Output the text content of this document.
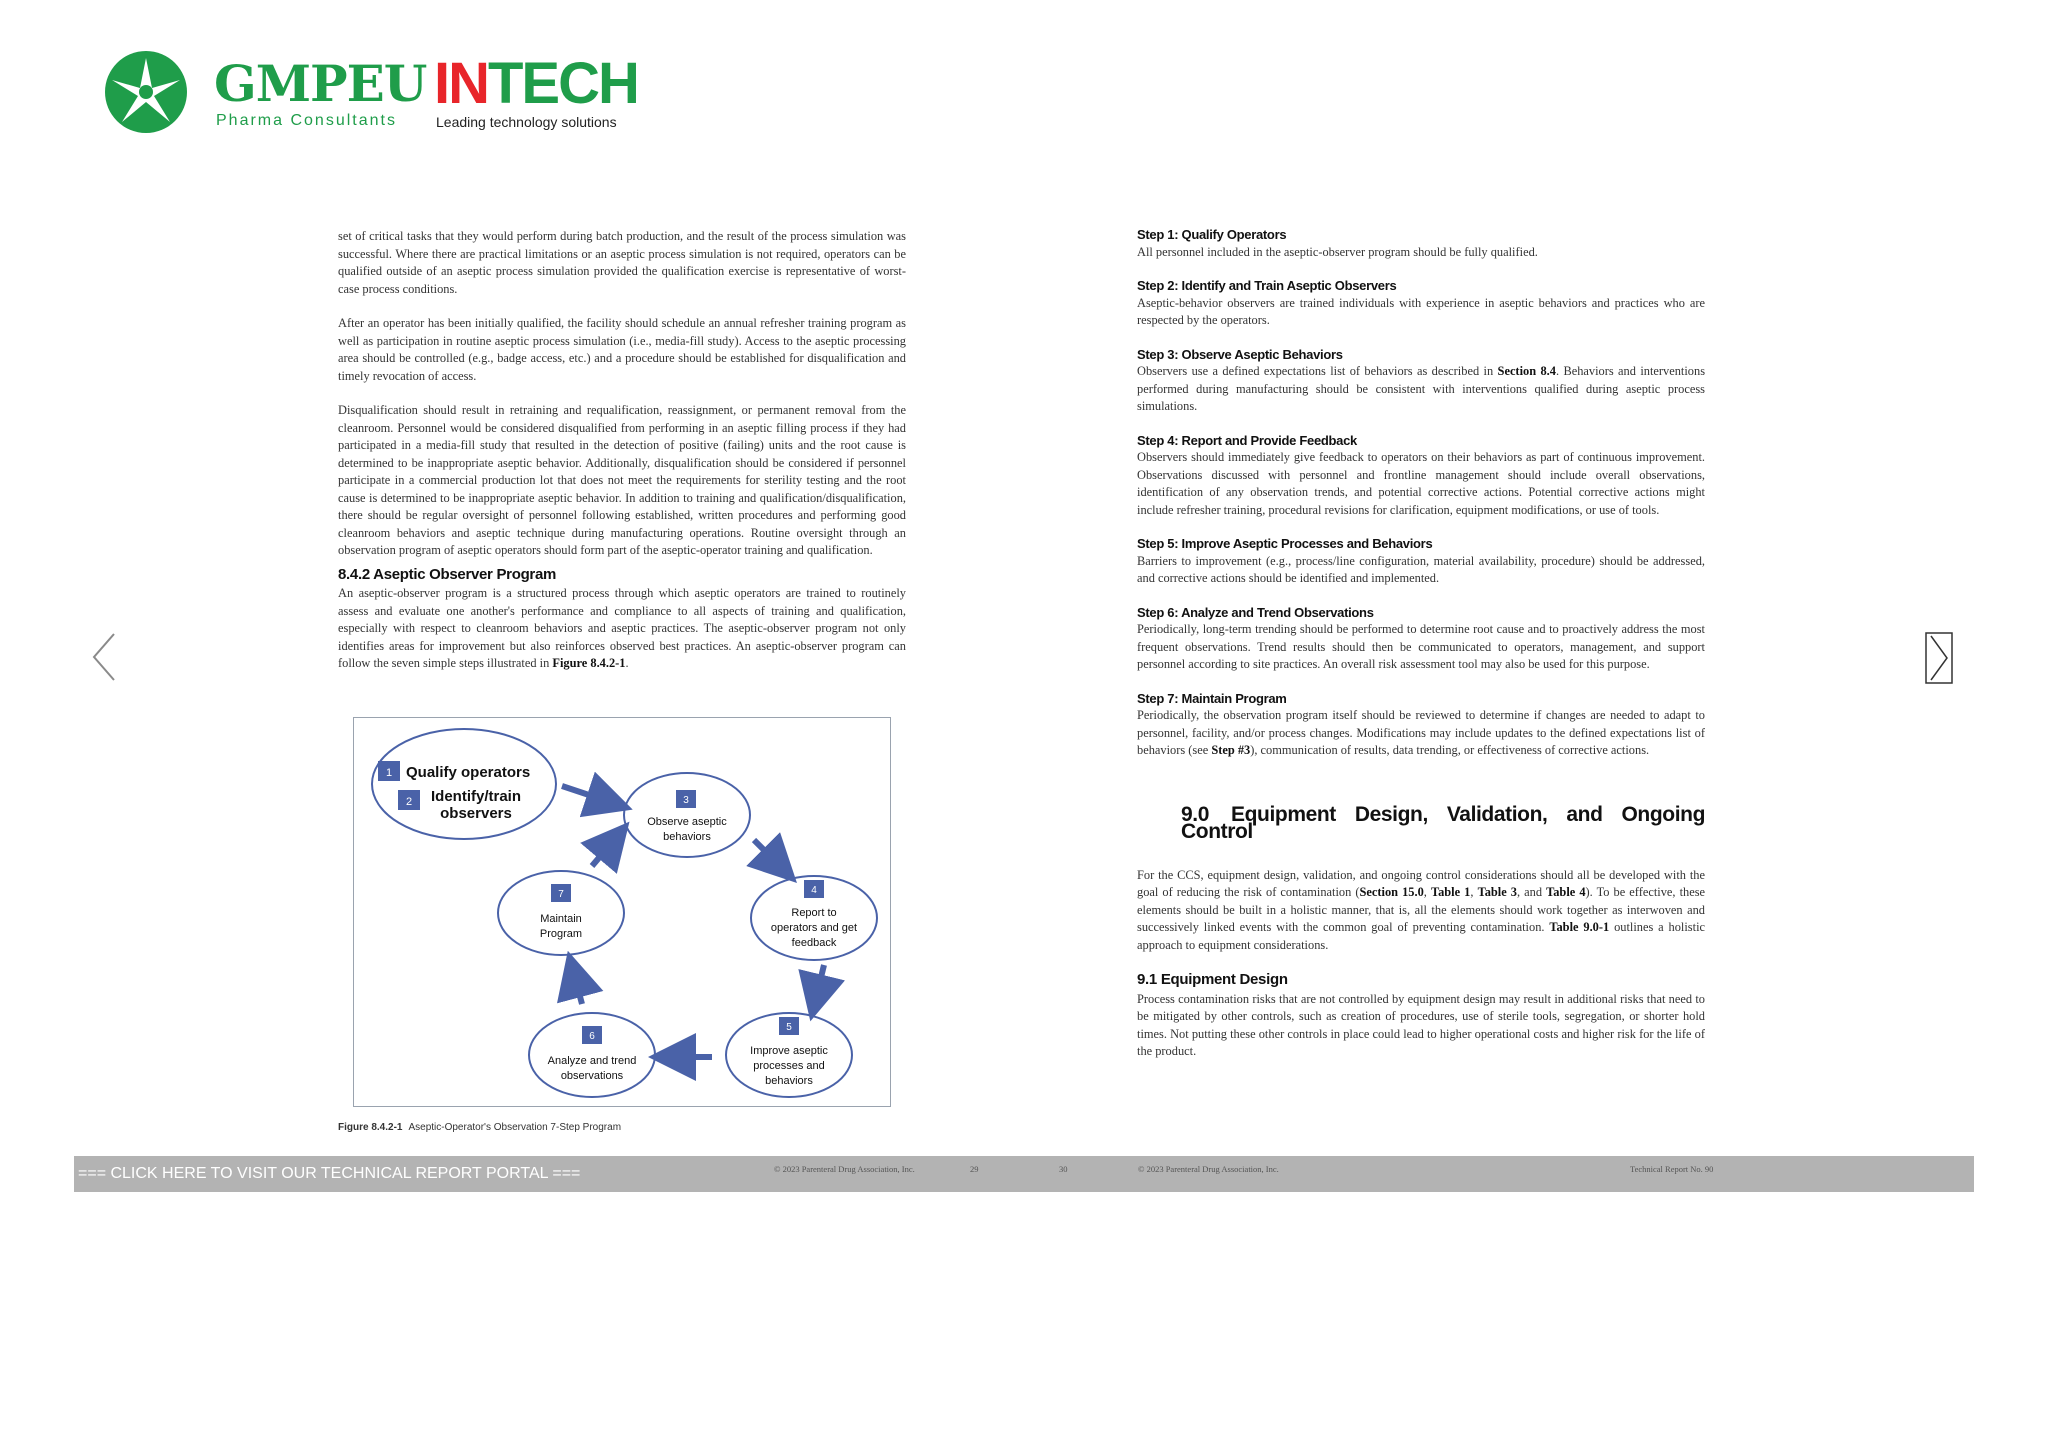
GMPEU
Pharma Consultants
INTECH
Leading technology solutions

set of critical tasks that they would perform during batch production, and the result of the process simulation was successful. Where there are practical limitations or an aseptic process simulation is not required, operators can be qualified outside of an aseptic process simulation provided the qualification exercise is representative of worst-case process conditions.

After an operator has been initially qualified, the facility should schedule an annual refresher training program as well as participation in routine aseptic process simulation (i.e., media-fill study). Access to the aseptic processing area should be controlled (e.g., badge access, etc.) and a procedure should be established for disqualification and timely revocation of access.

Disqualification should result in retraining and requalification, reassignment, or permanent removal from the cleanroom. Personnel would be considered disqualified from performing in an aseptic filling process if they had participated in a media-fill study that resulted in the detection of positive (failing) units and the root cause is determined to be inappropriate aseptic behavior. Additionally, disqualification should be considered if personnel participate in a commercial production lot that does not meet the requirements for sterility testing and the root cause is determined to be inappropriate aseptic behavior. In addition to training and qualification/disqualification, there should be regular oversight of personnel following established, written procedures and performing good cleanroom behaviors and aseptic technique during manufacturing operations. Routine oversight through an observation program of aseptic operators should form part of the aseptic-operator training and qualification.

8.4.2 Aseptic Observer Program

An aseptic-observer program is a structured process through which aseptic operators are trained to routinely assess and evaluate one another's performance and compliance to all aspects of training and qualification, especially with respect to cleanroom behaviors and aseptic practices. The aseptic-observer program not only identifies areas for improvement but also reinforces observed best practices. An aseptic-observer program can follow the seven simple steps illustrated in Figure 8.4.2-1.

1 Qualify operators
2 Identify/train
observers
3
Observe aseptic
behaviors
4
Report to
operators and get
feedback
5
Improve aseptic
processes and
behaviors
6
Analyze and trend
observations
7
Maintain
Program
Figure 8.4.2-1 Aseptic-Operator's Observation 7-Step Program
Step 1: Qualify Operators

All personnel included in the aseptic-observer program should be fully qualified.

Step 2: Identify and Train Aseptic Observers

Aseptic-behavior observers are trained individuals with experience in aseptic behaviors and practices who are respected by the operators.

Step 3: Observe Aseptic Behaviors

Observers use a defined expectations list of behaviors as described in Section 8.4. Behaviors and interventions performed during manufacturing should be consistent with interventions qualified during aseptic process simulations.

Step 4: Report and Provide Feedback

Observers should immediately give feedback to operators on their behaviors as part of continuous improvement. Observations discussed with personnel and frontline management should include overall observations, identification of any observation trends, and potential corrective actions. Potential corrective actions might include refresher training, procedural revisions for clarification, equipment modifications, or use of tools.

Step 5: Improve Aseptic Processes and Behaviors

Barriers to improvement (e.g., process/line configuration, material availability, procedure) should be addressed, and corrective actions should be identified and implemented.

Step 6: Analyze and Trend Observations

Periodically, long-term trending should be performed to determine root cause and to proactively address the most frequent observations. Trend results should then be communicated to operators, management, and support personnel according to site practices. An overall risk assessment tool may also be used for this purpose.

Step 7: Maintain Program

Periodically, the observation program itself should be reviewed to determine if changes are needed to adapt to personnel, facility, and/or process changes. Modifications may include updates to the defined expectations list of behaviors (see Step #3), communication of results, data trending, or effectiveness of corrective actions.

9.0 Equipment Design, Validation, and Ongoing Control

For the CCS, equipment design, validation, and ongoing control considerations should all be developed with the goal of reducing the risk of contamination (Section 15.0, Table 1, Table 3, and Table 4). To be effective, these elements should be built in a holistic manner, that is, all the elements should work together as interwoven and successively linked events with the common goal of preventing contamination. Table 9.0-1 outlines a holistic approach to equipment considerations.

9.1 Equipment Design

Process contamination risks that are not controlled by equipment design may result in additional risks that need to be mitigated by other controls, such as creation of procedures, use of sterile tools, segregation, or shorter hold times. Not putting these other controls in place could lead to higher operational costs and higher risk for the life of the product.

© 2023 Parenteral Drug Association, Inc.	29	30	© 2023 Parenteral Drug Association, Inc.	Technical Report No. 90
=== CLICK HERE TO VISIT OUR TECHNICAL REPORT PORTAL ===
